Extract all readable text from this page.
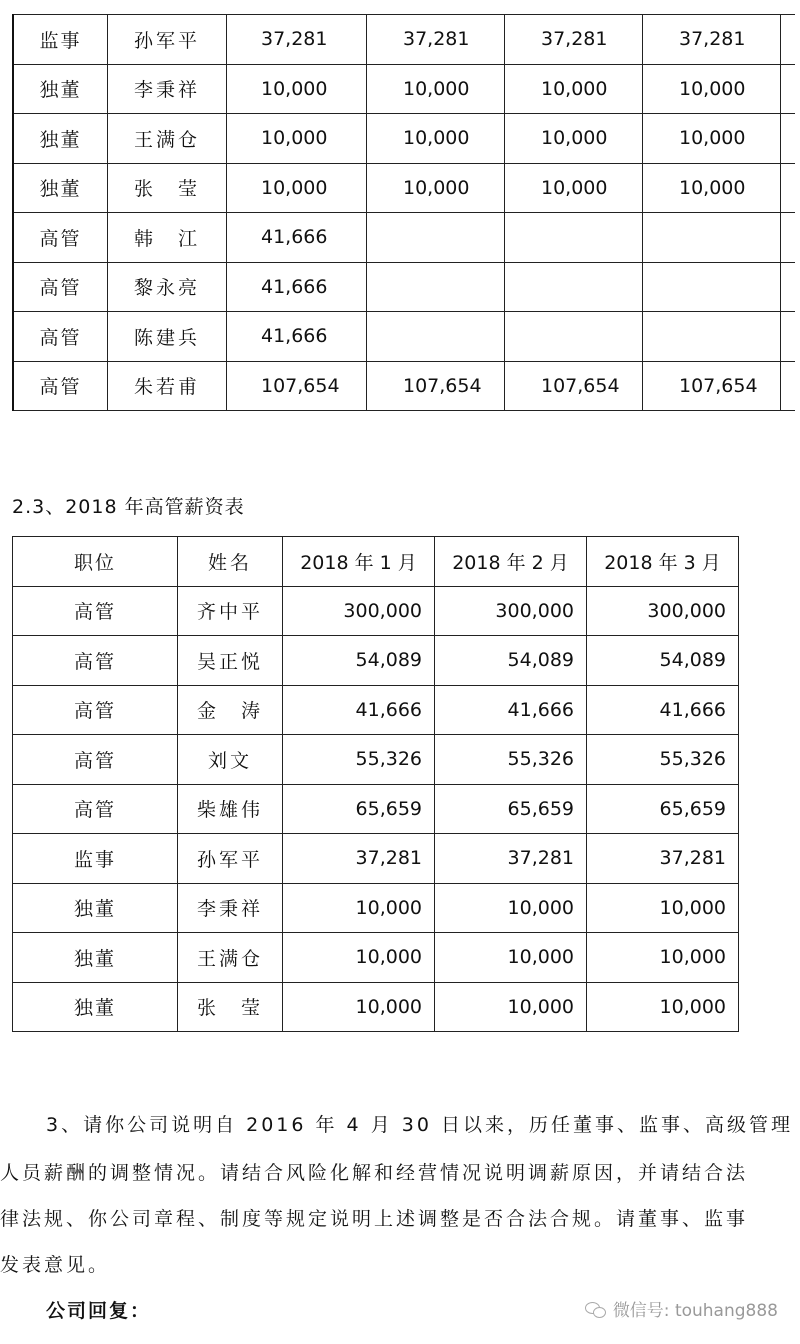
监事	孙军平	37,281	37,281	37,281	37,281	
独董	李秉祥	10,000	10,000	10,000	10,000	
独董	王满仓	10,000	10,000	10,000	10,000	
独董	张　莹	10,000	10,000	10,000	10,000	
高管	韩　江	41,666				
高管	黎永亮	41,666				
高管	陈建兵	41,666				
高管	朱若甫	107,654	107,654	107,654	107,654	
2.3、2018 年高管薪资表
职位	姓名	2018 年 1 月	2018 年 2 月	2018 年 3 月
高管	齐中平	300,000	300,000	300,000
高管	吴正悦	54,089	54,089	54,089
高管	金　涛	41,666	41,666	41,666
高管	刘文	55,326	55,326	55,326
高管	柴雄伟	65,659	65,659	65,659
监事	孙军平	37,281	37,281	37,281
独董	李秉祥	10,000	10,000	10,000
独董	王满仓	10,000	10,000	10,000
独董	张　莹	10,000	10,000	10,000
3、请你公司说明自 2016 年 4 月 30 日以来，历任董事、监事、高级管理
人员薪酬的调整情况。请结合风险化解和经营情况说明调薪原因，并请结合法
律法规、你公司章程、制度等规定说明上述调整是否合法合规。请董事、监事
发表意见。
公司回复：	微信号: touhang888
